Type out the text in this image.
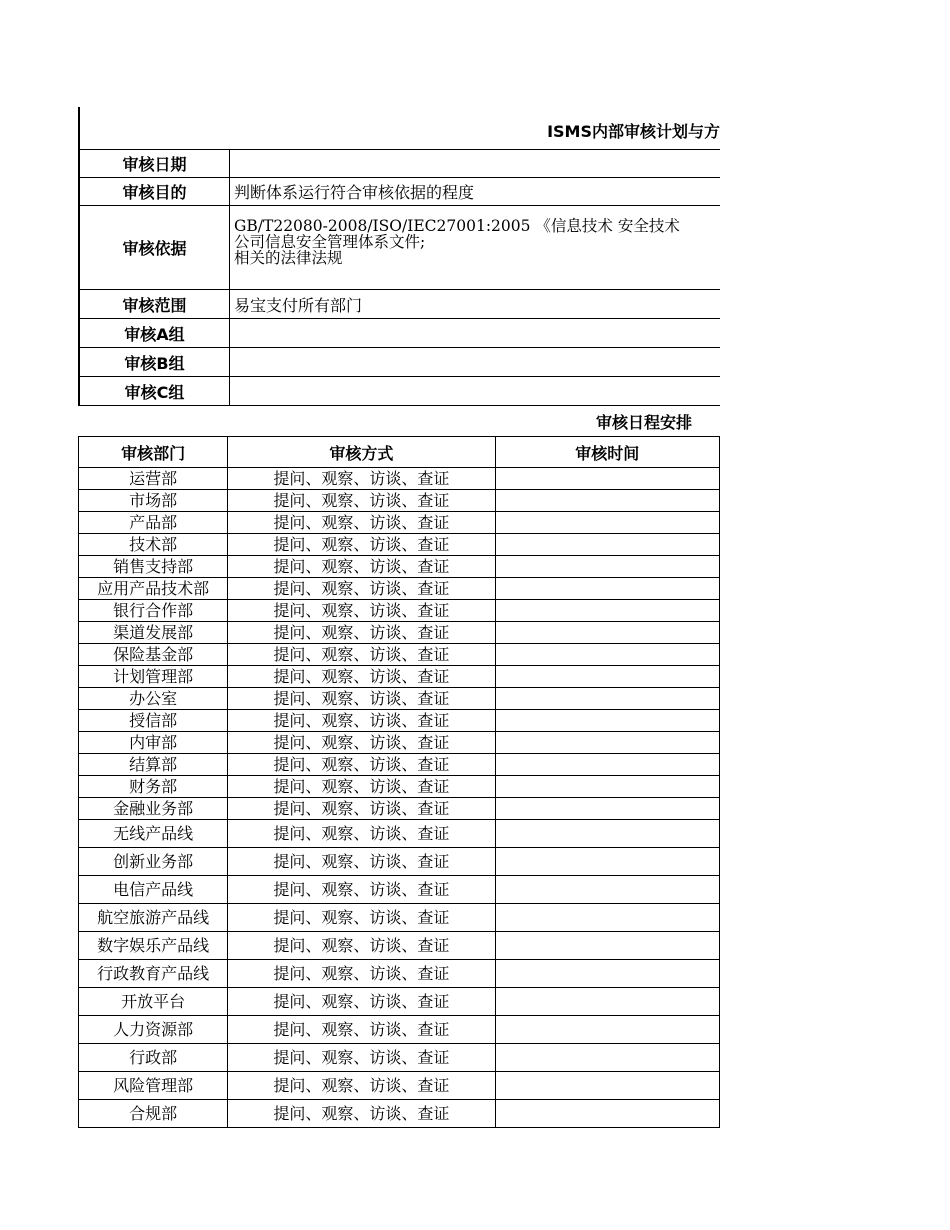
ISMS内部审核计划与方
审核日期	

审核目的	判断体系运行符合审核依据的程度

审核依据	GB/T22080-2008/ISO/IEC27001:2005 《信息技术 安全技术
公司信息安全管理体系文件;
相关的法律法规

审核范围	易宝支付所有部门

审核A组	

审核B组	

审核C组	
审核日程安排
审核部门	审核方式	审核时间
运营部	提问、观察、访谈、查证	
市场部	提问、观察、访谈、查证	
产品部	提问、观察、访谈、查证	
技术部	提问、观察、访谈、查证	
销售支持部	提问、观察、访谈、查证	
应用产品技术部	提问、观察、访谈、查证	
银行合作部	提问、观察、访谈、查证	
渠道发展部	提问、观察、访谈、查证	
保险基金部	提问、观察、访谈、查证	
计划管理部	提问、观察、访谈、查证	
办公室	提问、观察、访谈、查证	
授信部	提问、观察、访谈、查证	
内审部	提问、观察、访谈、查证	
结算部	提问、观察、访谈、查证	
财务部	提问、观察、访谈、查证	
金融业务部	提问、观察、访谈、查证	
无线产品线	提问、观察、访谈、查证	
创新业务部	提问、观察、访谈、查证	
电信产品线	提问、观察、访谈、查证	
航空旅游产品线	提问、观察、访谈、查证	
数字娱乐产品线	提问、观察、访谈、查证	
行政教育产品线	提问、观察、访谈、查证	
开放平台	提问、观察、访谈、查证	
人力资源部	提问、观察、访谈、查证	
行政部	提问、观察、访谈、查证	
风险管理部	提问、观察、访谈、查证	
合规部	提问、观察、访谈、查证	
